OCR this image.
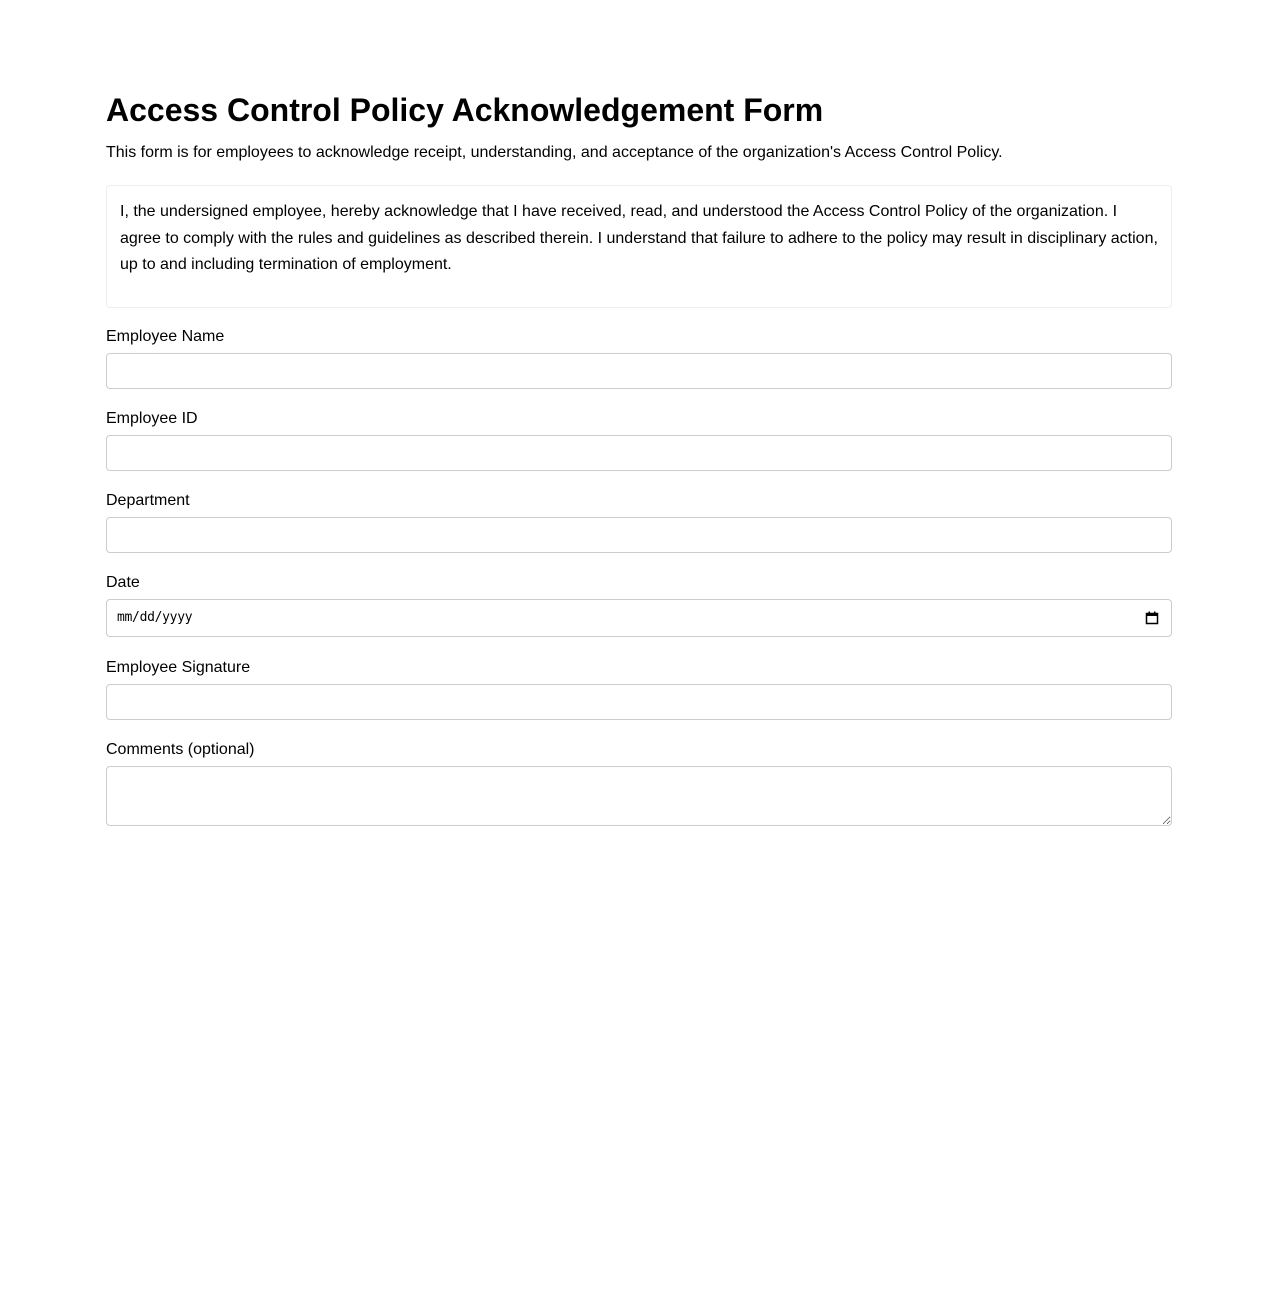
Access Control Policy Acknowledgement Form

This form is for employees to acknowledge receipt, understanding, and acceptance of the organization's Access Control Policy.

I, the undersigned employee, hereby acknowledge that I have received, read, and understood the Access Control Policy of the organization. I agree to comply with the rules and guidelines as described therein. I understand that failure to adhere to the policy may result in disciplinary action, up to and including termination of employment.

Employee Name
Employee ID
Department
Date
mm/dd/yyyy
Employee Signature
Comments (optional)
